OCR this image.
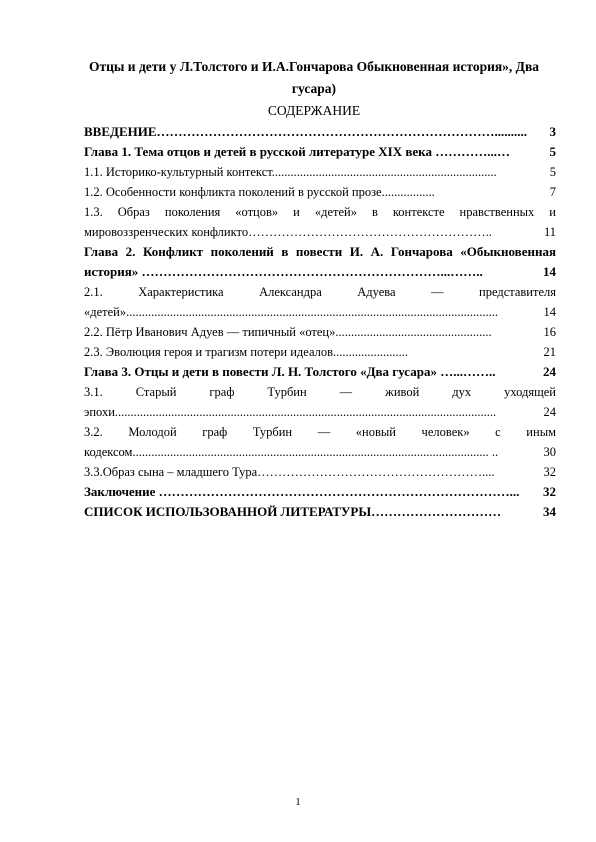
Отцы и дети у Л.Толстого и И.А.Гончарова Обыкновенная история», Два гусара)
СОДЕРЖАНИЕ
ВВЕДЕНИЕ……………………………………………………………………..........	3
Глава 1. Тема отцов и детей в русской литературе XIX века …………...…	5
1.1. Историко-культурный контекст........................................................................	5
1.2. Особенности конфликта поколений в русской прозе.................	7
1.3. Образ поколения «отцов» и «детей» в контексте нравственных и
мировоззренческих конфликто…………………………………………………..	11
Глава 2. Конфликт поколений в повести И. А. Гончарова «Обыкновенная
история» ……………………………………………………………...……..	14
2.1. Характеристика Александра Адуева — представителя
«детей».......................................................................................................................	14
2.2. Пётр Иванович Адуев — типичный «отец»..................................................	16
2.3. Эволюция героя и трагизм потери идеалов........................	21
Глава 3. Отцы и дети в повести Л. Н. Толстого «Два гусара» …...……..	24
3.1. Старый граф Турбин — живой дух уходящей
эпохи..........................................................................................................................	24
3.2. Молодой граф Турбин — «новый человек» с иным
кодексом.................................................................................................................. ..	30
3.3.Образ сына – младшего Тура………………………………………………....	32
Заключение ………………………………………………………………………...	32
СПИСОК ИСПОЛЬЗОВАННОЙ ЛИТЕРАТУРЫ…………………………	34
1
